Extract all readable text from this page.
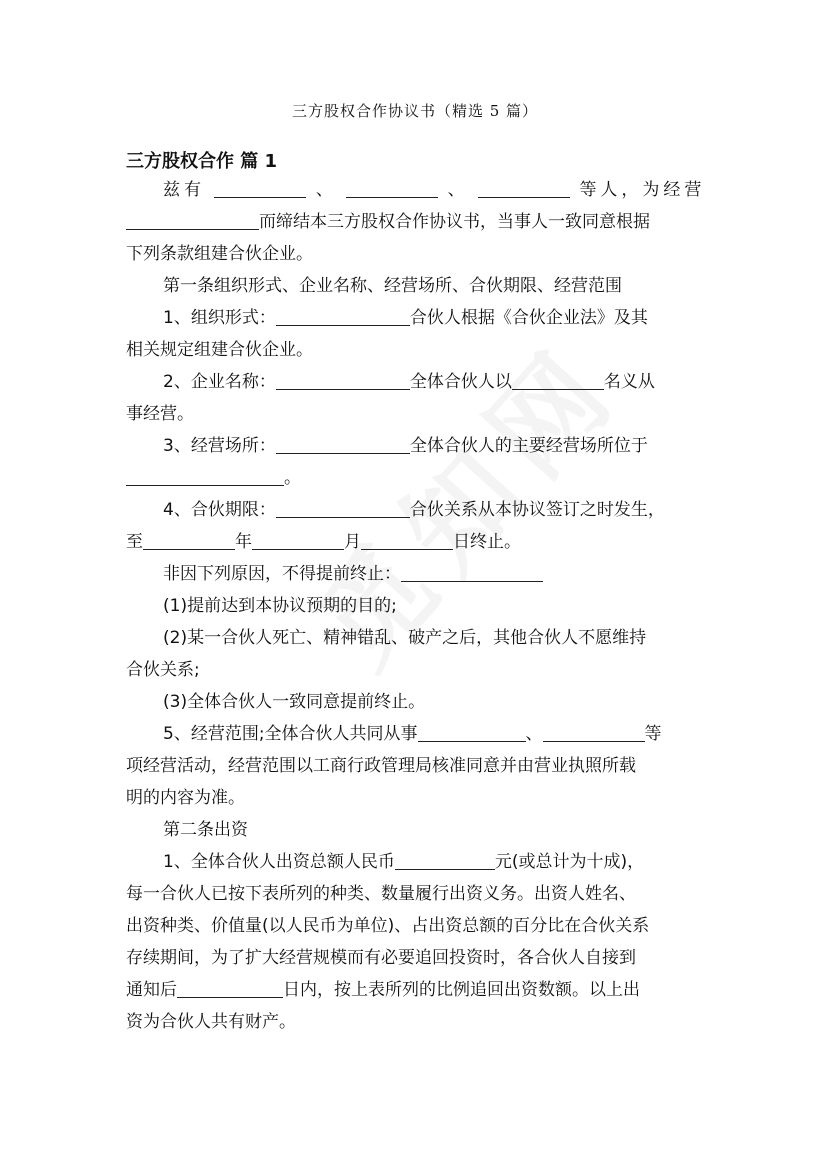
三方股权合作协议书（精选 5 篇）
三方股权合作 篇 1

兹有	、	、	等人，为经营

而缔结本三方股权合作协议书，当事人一致同意根据

下列条款组建合伙企业。

第一条组织形式、企业名称、经营场所、合伙期限、经营范围

1、组织形式：	合伙人根据《合伙企业法》及其

相关规定组建合伙企业。

2、企业名称：	全体合伙人以	名义从

事经营。

3、经营场所：	全体合伙人的主要经营场所位于

。

4、合伙期限：	合伙关系从本协议签订之时发生，

至	年	月	日终止。

非因下列原因，不得提前终止：

(1)提前达到本协议预期的目的;

(2)某一合伙人死亡、精神错乱、破产之后，其他合伙人不愿维持

合伙关系;

(3)全体合伙人一致同意提前终止。

5、经营范围;全体合伙人共同从事	、	等

项经营活动，经营范围以工商行政管理局核准同意并由营业执照所载

明的内容为准。

第二条出资

1、全体合伙人出资总额人民币	元(或总计为十成)，

每一合伙人已按下表所列的种类、数量履行出资义务。出资人姓名、

出资种类、价值量(以人民币为单位)、占出资总额的百分比在合伙关系

存续期间，为了扩大经营规模而有必要追回投资时，各合伙人自接到

通知后	日内，按上表所列的比例追回出资数额。以上出

资为合伙人共有财产。
